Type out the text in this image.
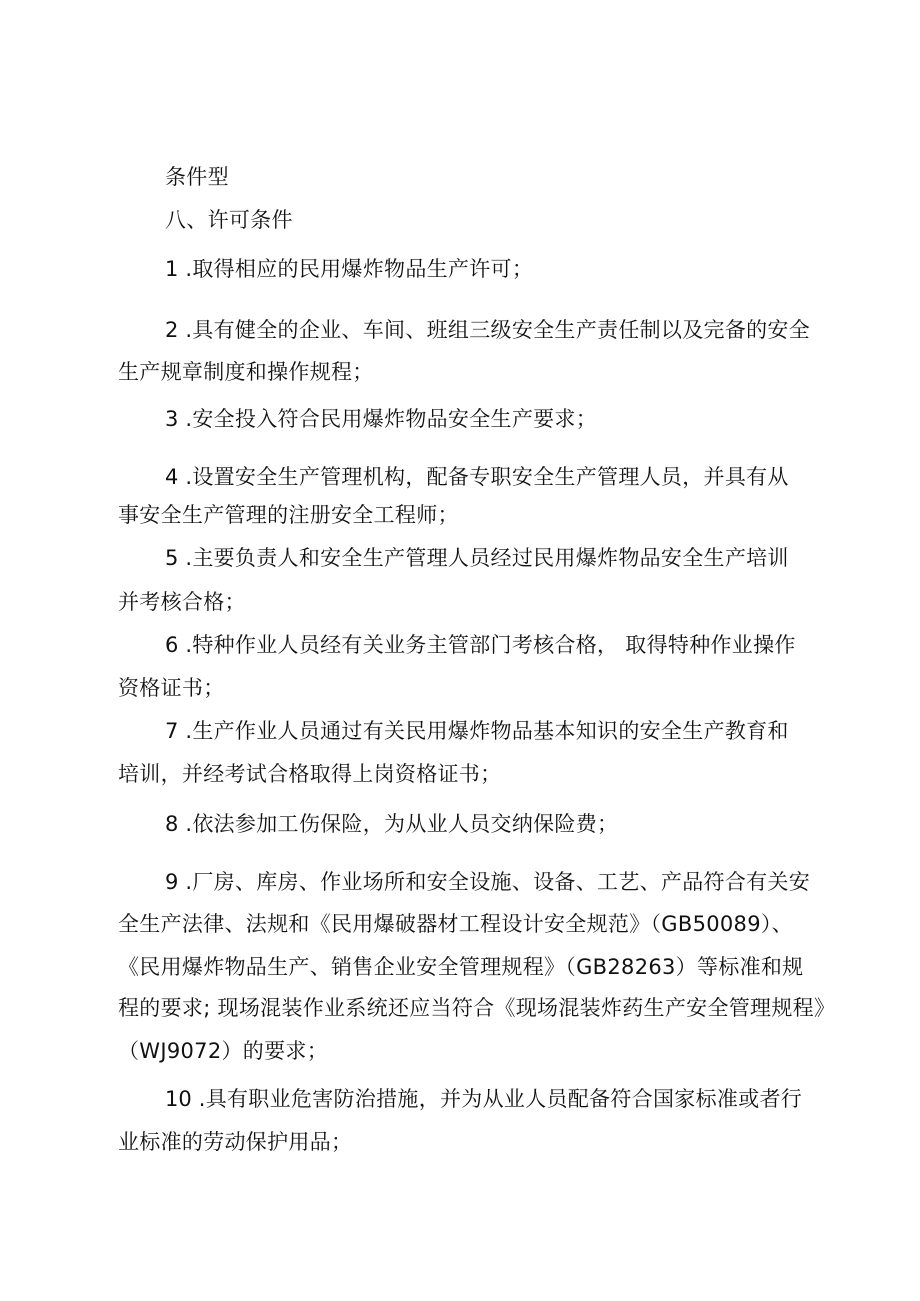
条件型
八、许可条件
1 .取得相应的民用爆炸物品生产许可；
2 .具有健全的企业、车间、班组三级安全生产责任制以及完备的安全
生产规章制度和操作规程；
3 .安全投入符合民用爆炸物品安全生产要求；
4 .设置安全生产管理机构，配备专职安全生产管理人员，并具有从
事安全生产管理的注册安全工程师；
5 .主要负责人和安全生产管理人员经过民用爆炸物品安全生产培训
并考核合格；
6 .特种作业人员经有关业务主管部门考核合格， 取得特种作业操作
资格证书；
7 .生产作业人员通过有关民用爆炸物品基本知识的安全生产教育和
培训，并经考试合格取得上岗资格证书；
8 .依法参加工伤保险，为从业人员交纳保险费；
9 .厂房、库房、作业场所和安全设施、设备、工艺、产品符合有关安
全生产法律、法规和《民用爆破器材工程设计安全规范》（GB50089）、
《民用爆炸物品生产、销售企业安全管理规程》（GB28263）等标准和规
程的要求; 现场混装作业系统还应当符合《现场混装炸药生产安全管理规程》
（WJ9072）的要求；
10 .具有职业危害防治措施，并为从业人员配备符合国家标准或者行
业标准的劳动保护用品；
